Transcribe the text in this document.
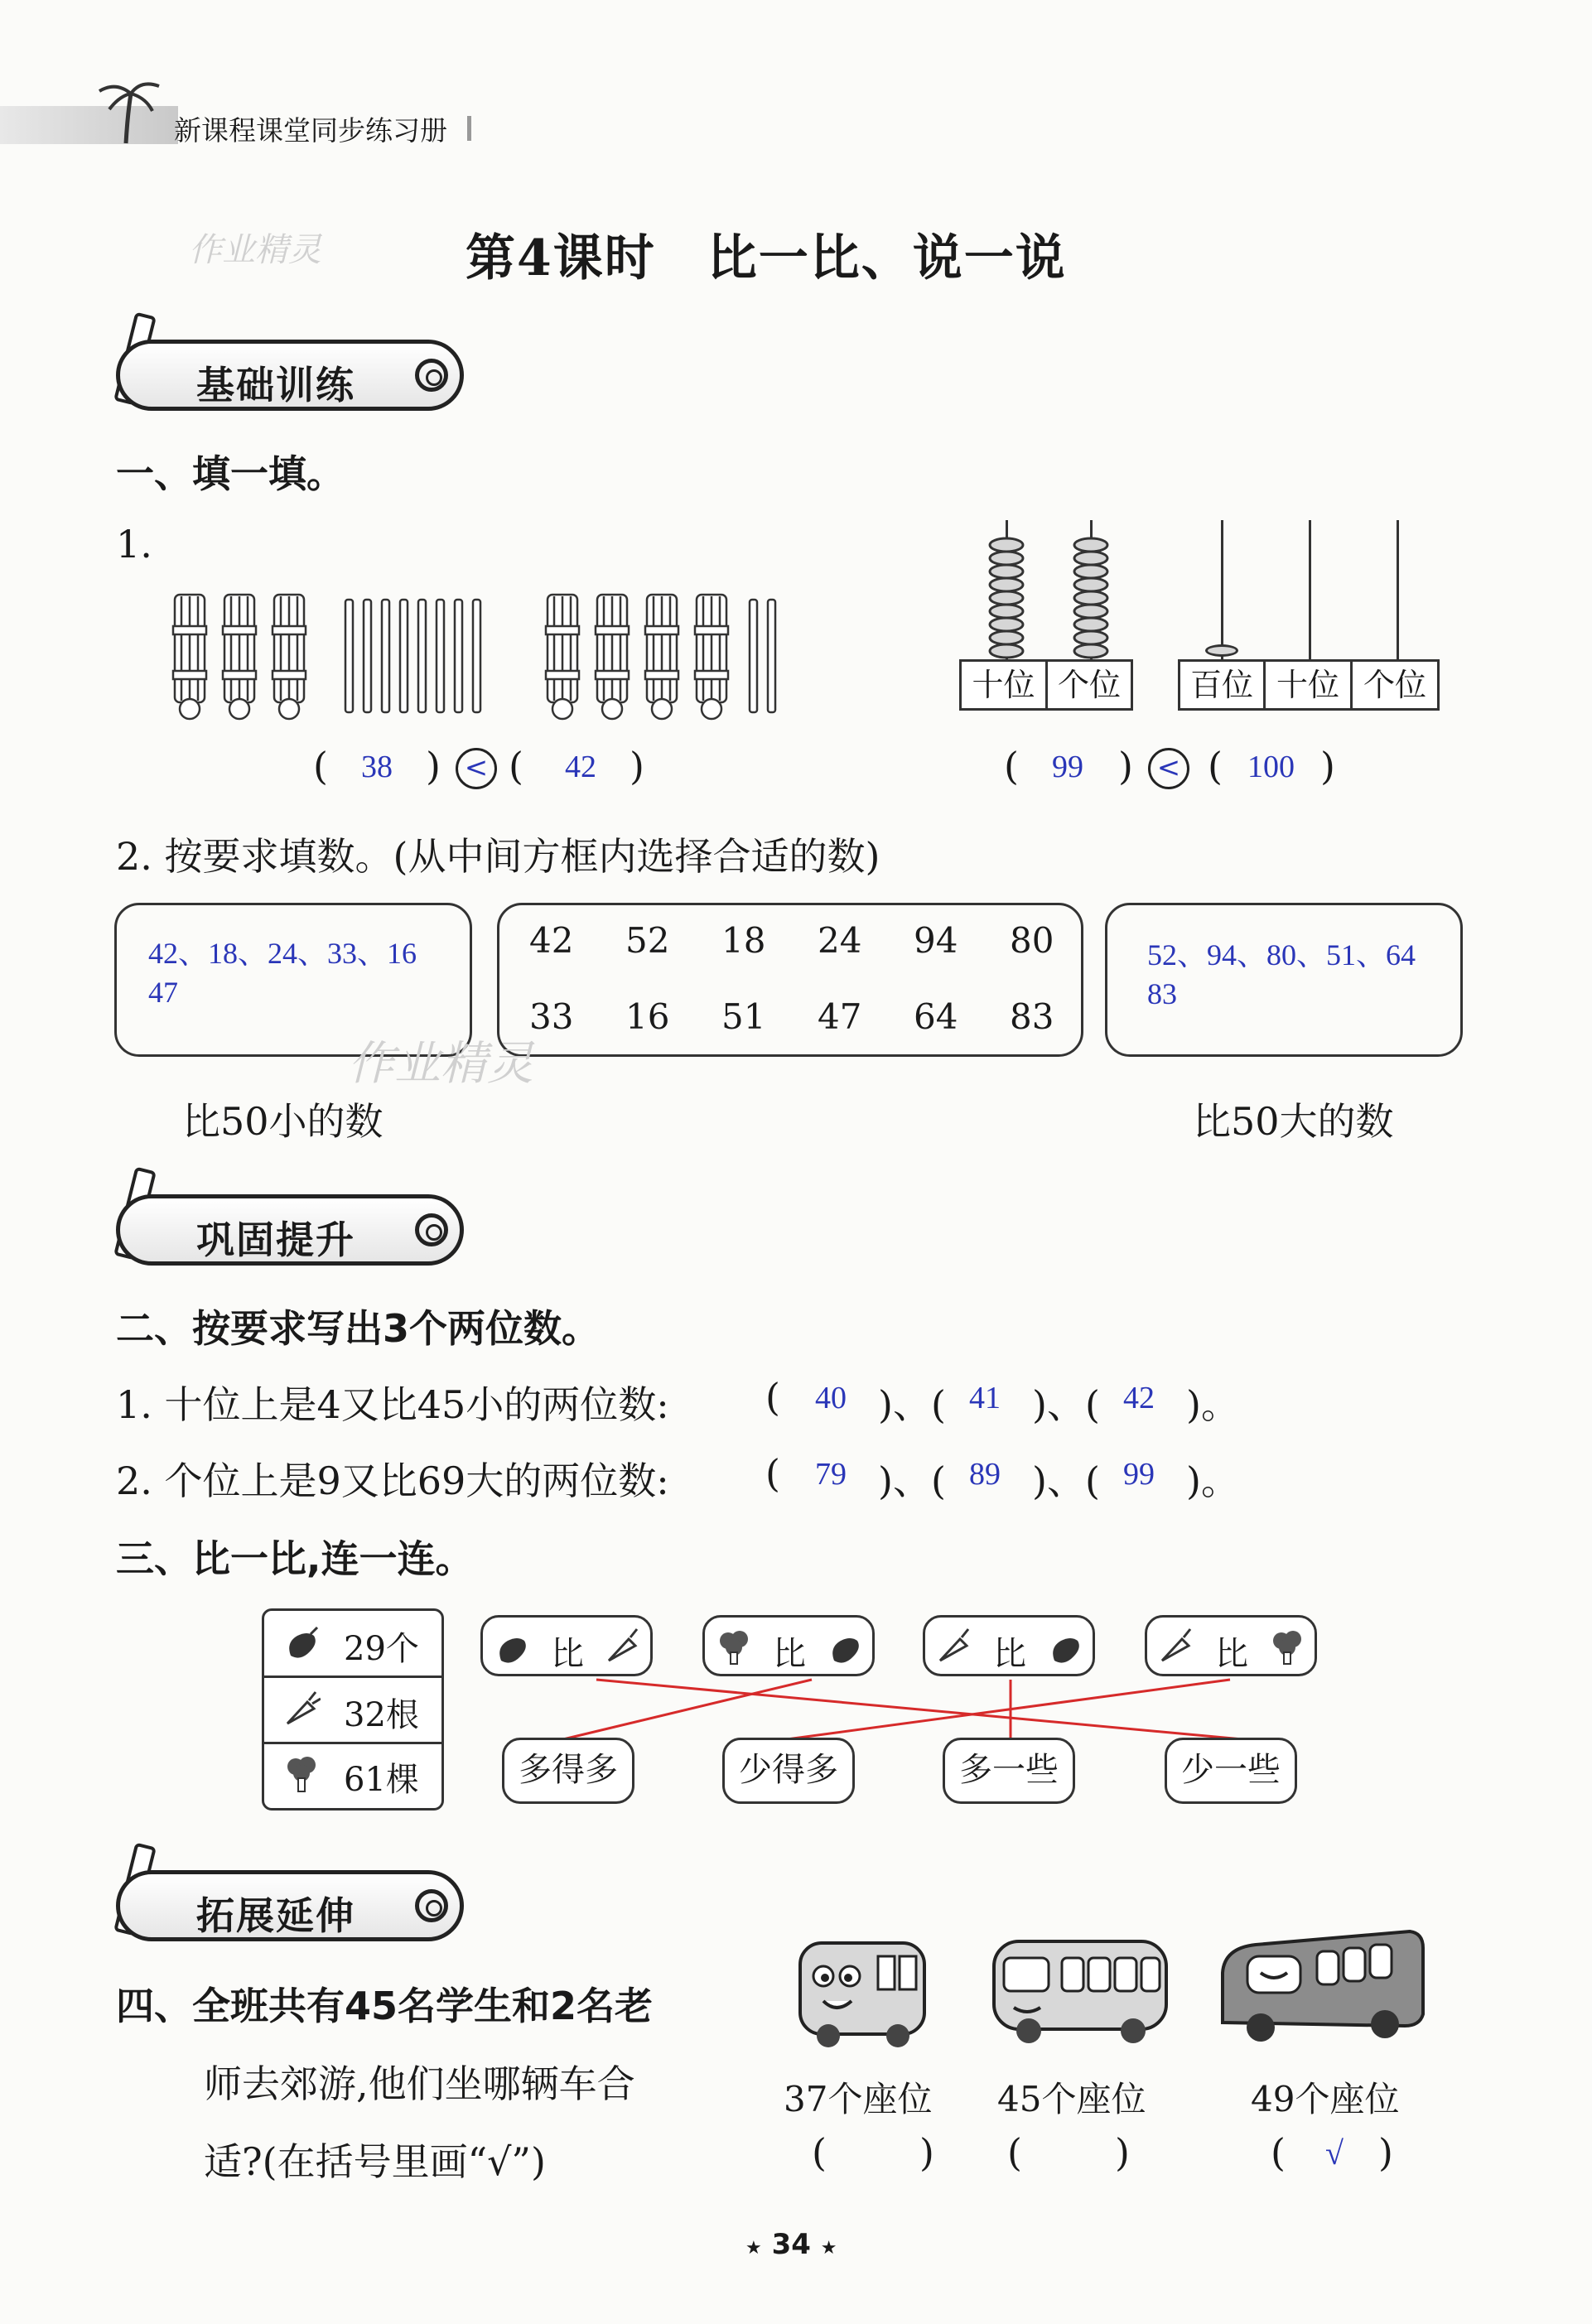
新课程课堂同步练习册
作业精灵	第4课时　比一比、说一说
基础训练
一、填一填。
1.
十位 个位	百位 十位 个位
( 38 ) < ( 42 )	( 99 ) < ( 100 )
2. 按要求填数。(从中间方框内选择合适的数)
42、18、24、33、16
47
42 52 18 24 94 80
33 16 51 47 64 83
52、94、80、51、64
83
作业精灵
比50小的数	比50大的数
巩固提升
二、按要求写出3个两位数。
1. 十位上是4又比45小的两位数:	( 40 )、( 41 )、( 42 )。
2. 个位上是9又比69大的两位数:	( 79 )、( 89 )、( 99 )。
三、比一比,连一连。
29个
32根
61棵
比	比	比	比
多得多	少得多	多一些	少一些
拓展延伸
四、全班共有45名学生和2名老
师去郊游,他们坐哪辆车合
适?(在括号里画“√”)
37个座位 45个座位	49个座位
( ) ( )	( √ )
★ 34 ★
